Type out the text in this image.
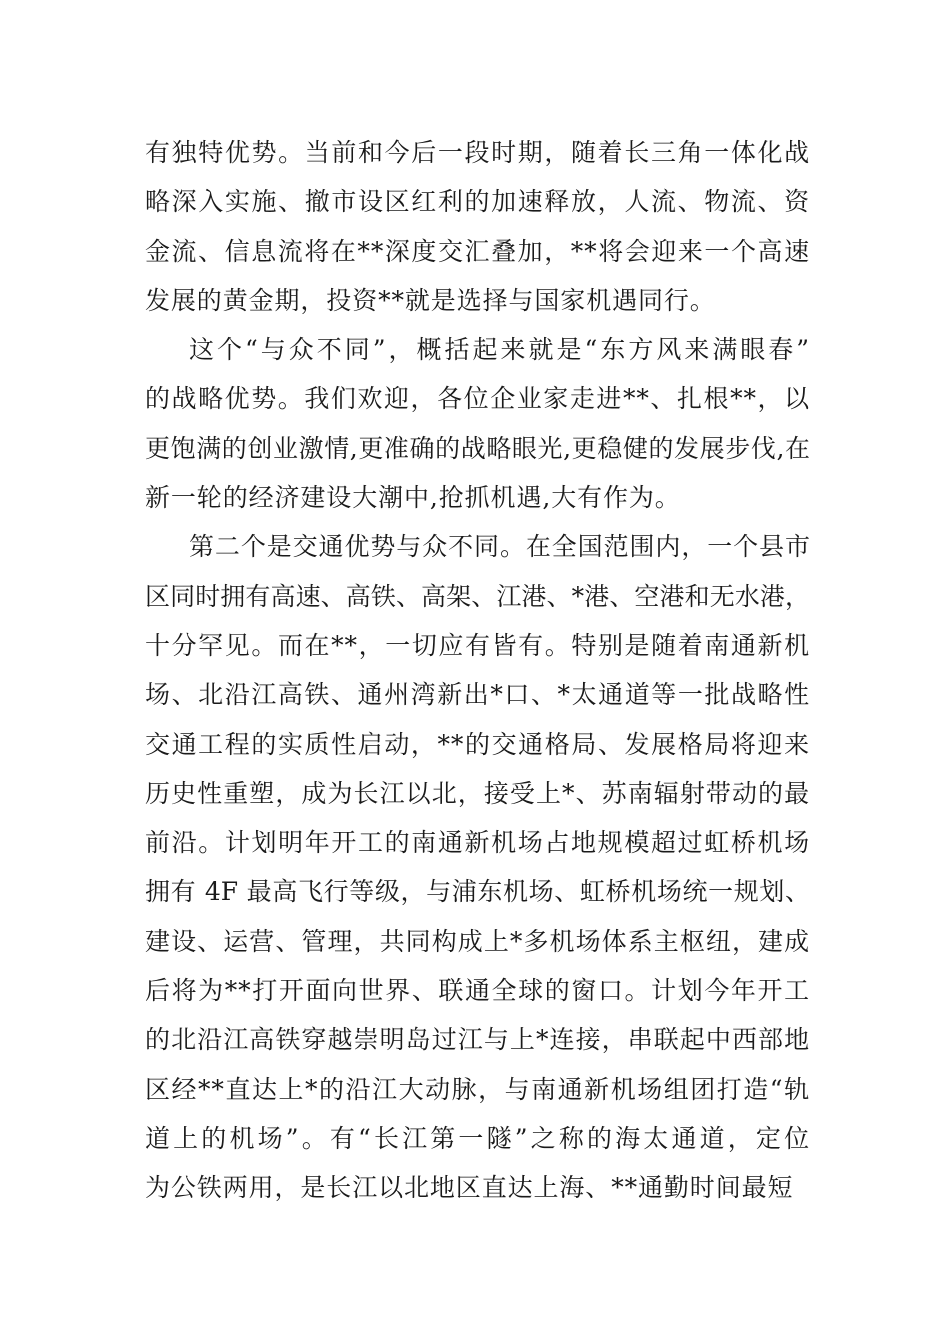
有独特优势。当前和今后一段时期，随着长三角一体化战
略深入实施、撤市设区红利的加速释放，人流、物流、资
金流、信息流将在**深度交汇叠加，**将会迎来一个高速
发展的黄金期，投资**就是选择与国家机遇同行。
这个“与众不同”，概括起来就是“东方风来满眼春”
的战略优势。我们欢迎，各位企业家走进**、扎根**，以
更饱满的创业激情,更准确的战略眼光,更稳健的发展步伐,在
新一轮的经济建设大潮中,抢抓机遇,大有作为。
第二个是交通优势与众不同。在全国范围内，一个县市
区同时拥有高速、高铁、高架、江港、*港、空港和无水港，
十分罕见。而在**，一切应有皆有。特别是随着南通新机
场、北沿江高铁、通州湾新出*口、*太通道等一批战略性
交通工程的实质性启动，**的交通格局、发展格局将迎来
历史性重塑，成为长江以北，接受上*、苏南辐射带动的最
前沿。计划明年开工的南通新机场占地规模超过虹桥机场
拥有 4F 最高飞行等级，与浦东机场、虹桥机场统一规划、
建设、运营、管理，共同构成上*多机场体系主枢纽，建成
后将为**打开面向世界、联通全球的窗口。计划今年开工
的北沿江高铁穿越崇明岛过江与上*连接，串联起中西部地
区经**直达上*的沿江大动脉，与南通新机场组团打造“轨
道上的机场”。有“长江第一隧”之称的海太通道，定位
为公铁两用，是长江以北地区直达上海、**通勤时间最短
